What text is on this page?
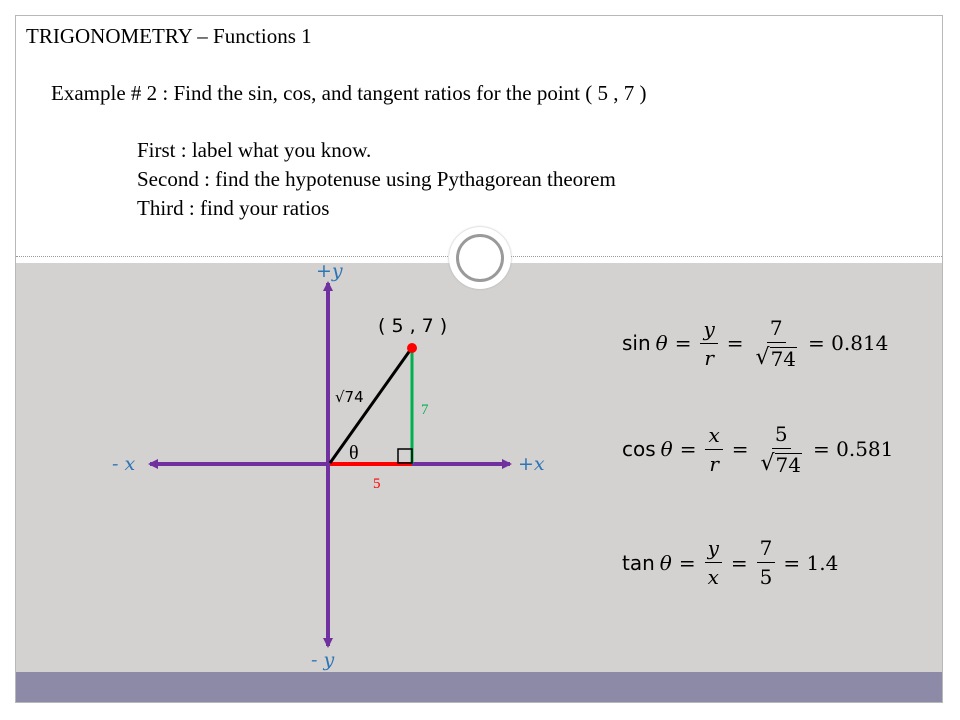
TRIGONOMETRY – Functions 1
Example # 2 : Find the sin, cos, and tangent ratios for the point ( 5 , 7 )
First : label what you know.
Second : find the hypotenuse using Pythagorean theorem
Third : find your ratios
+y
- y
+x
- x
( 5 , 7 )
√74
7
5
θ
$\sin \theta = \frac{y}{r} = \frac{7}{√ 74} = 0.814$
$\cos \theta = \frac{x}{r} = \frac{5}{√ 74} = 0.581$
$\tan \theta = \frac{y}{x} = \frac{7}{5} = 1.4$
